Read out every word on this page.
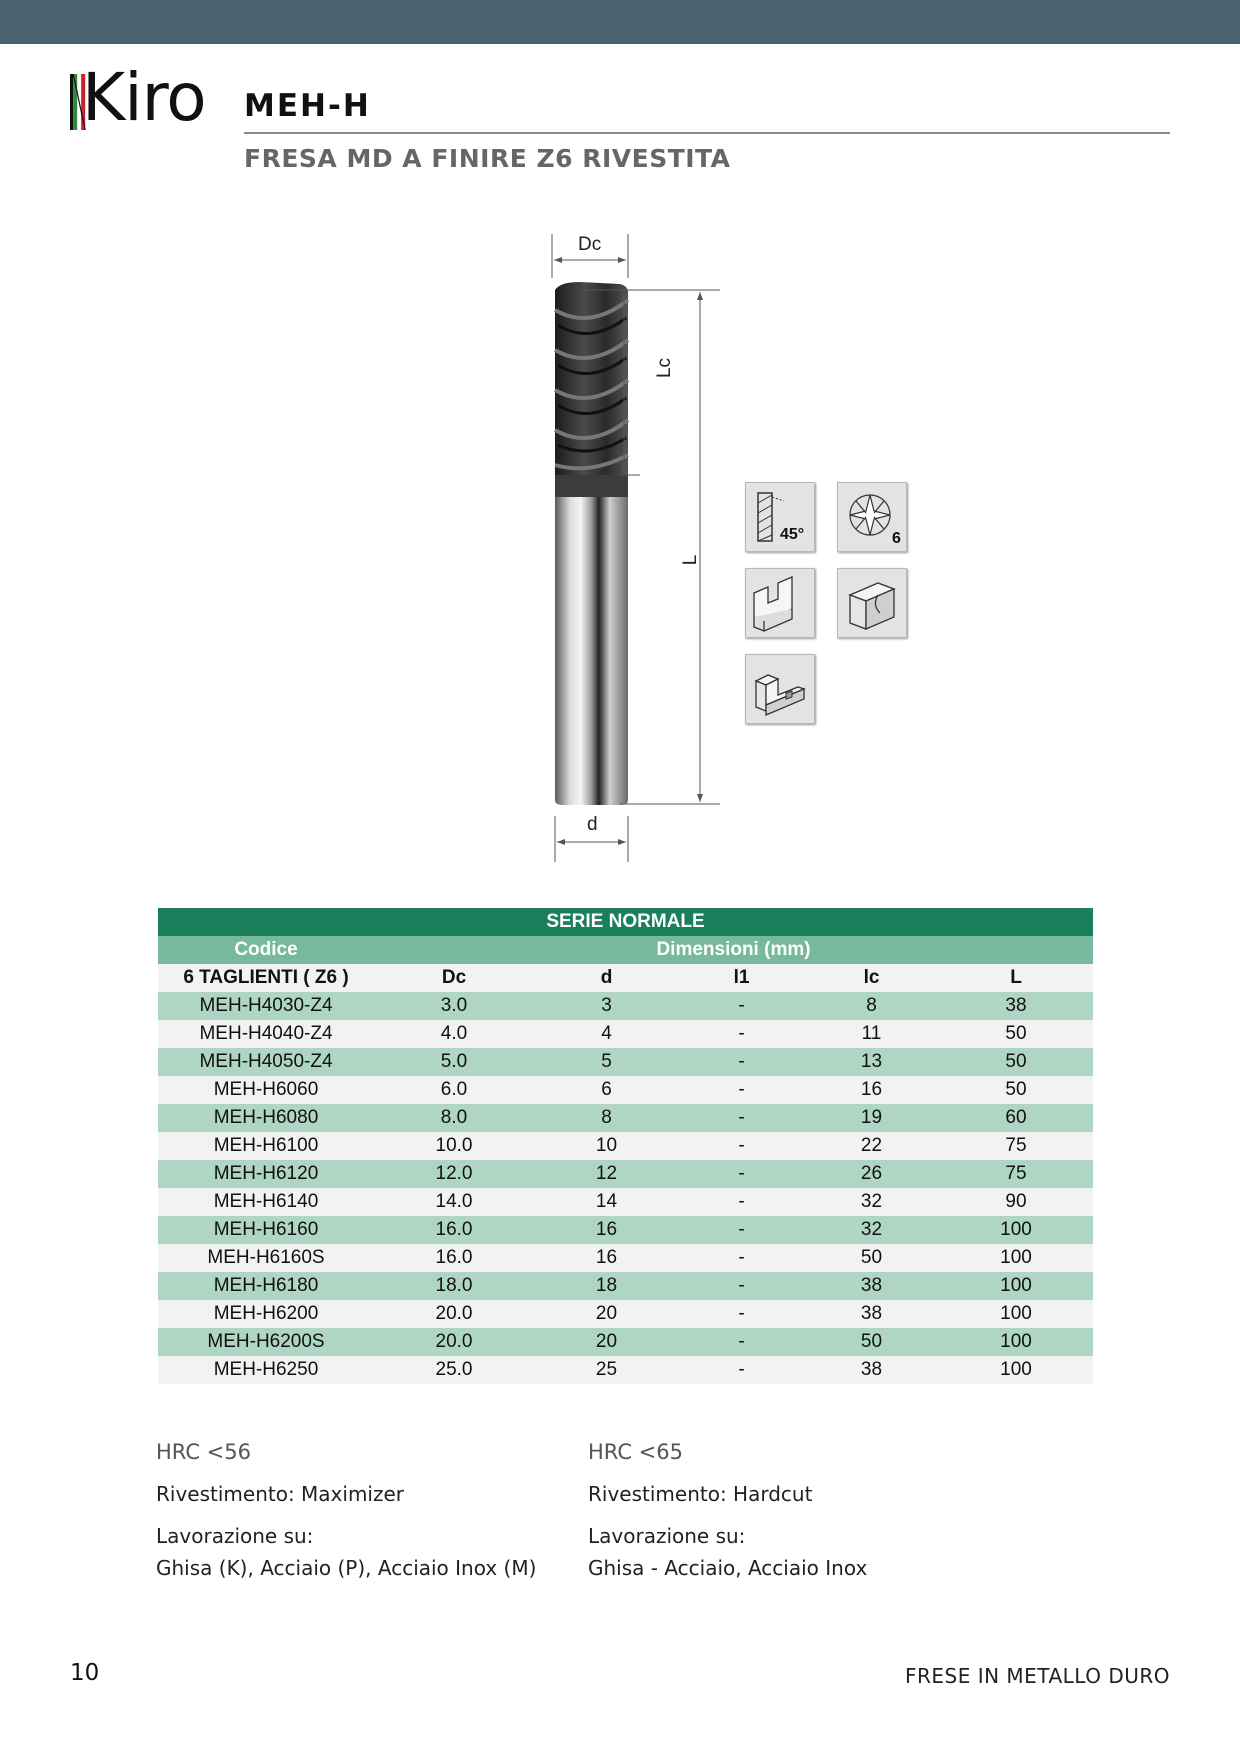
Kiro MEH-H
FRESA MD A FINIRE Z6 RIVESTITA
Dc
Lc
L
d
45°	6
SERIE NORMALE					
Codice	Dimensioni (mm)				
6 TAGLIENTI ( Z6 )	Dc	d	l1	lc	L
MEH-H4030-Z4	3.0	3	-	8	38
MEH-H4040-Z4	4.0	4	-	11	50
MEH-H4050-Z4	5.0	5	-	13	50
MEH-H6060	6.0	6	-	16	50
MEH-H6080	8.0	8	-	19	60
MEH-H6100	10.0	10	-	22	75
MEH-H6120	12.0	12	-	26	75
MEH-H6140	14.0	14	-	32	90
MEH-H6160	16.0	16	-	32	100
MEH-H6160S	16.0	16	-	50	100
MEH-H6180	18.0	18	-	38	100
MEH-H6200	20.0	20	-	38	100
MEH-H6200S	20.0	20	-	50	100
MEH-H6250	25.0	25	-	38	100
HRC <56
Rivestimento: Maximizer
Lavorazione su:
Ghisa (K), Acciaio (P), Acciaio Inox (M)
HRC <65
Rivestimento: Hardcut
Lavorazione su:
Ghisa - Acciaio, Acciaio Inox
10	FRESE IN METALLO DURO
